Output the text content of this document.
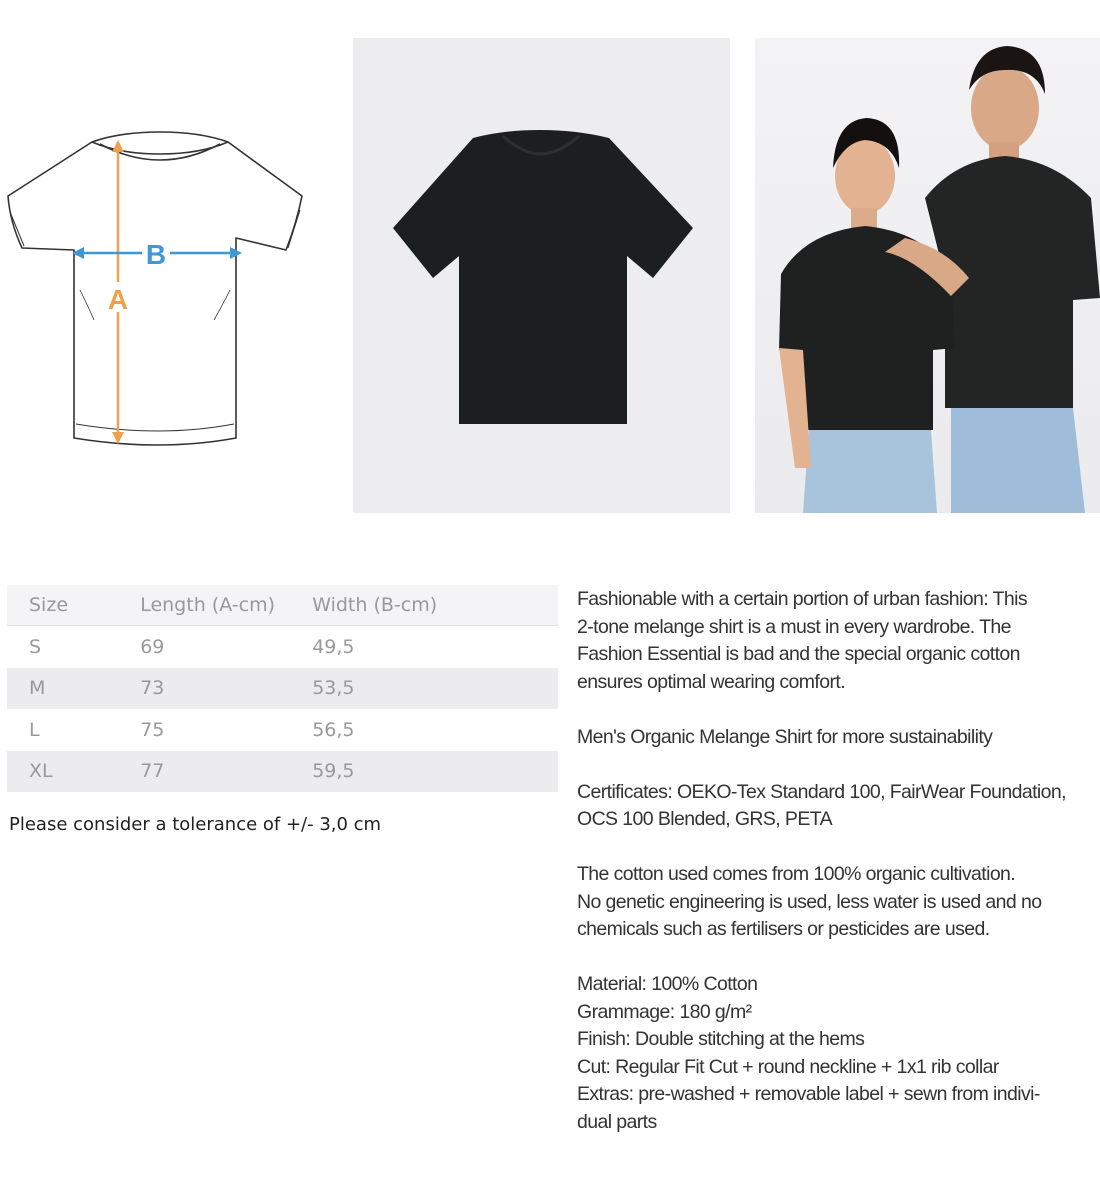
A
B
Size	Length (A-cm)	Width (B-cm)
S	69	49,5
M	73	53,5
L	75	56,5
XL	77	59,5
Please consider a tolerance of +/- 3,0 cm

Fashionable with a certain portion of urban fashion: This
2-tone melange shirt is a must in every wardrobe. The
Fashion Essential is bad and the special organic cotton
ensures optimal wearing comfort.

Men's Organic Melange Shirt for more sustainability

Certificates: OEKO-Tex Standard 100, FairWear Foundation,
OCS 100 Blended, GRS, PETA

The cotton used comes from 100% organic cultivation.
No genetic engineering is used, less water is used and no
chemicals such as fertilisers or pesticides are used.

Material: 100% Cotton
Grammage: 180 g/m²
Finish: Double stitching at the hems
Cut: Regular Fit Cut + round neckline + 1x1 rib collar
Extras: pre-washed + removable label + sewn from indivi-
dual parts
